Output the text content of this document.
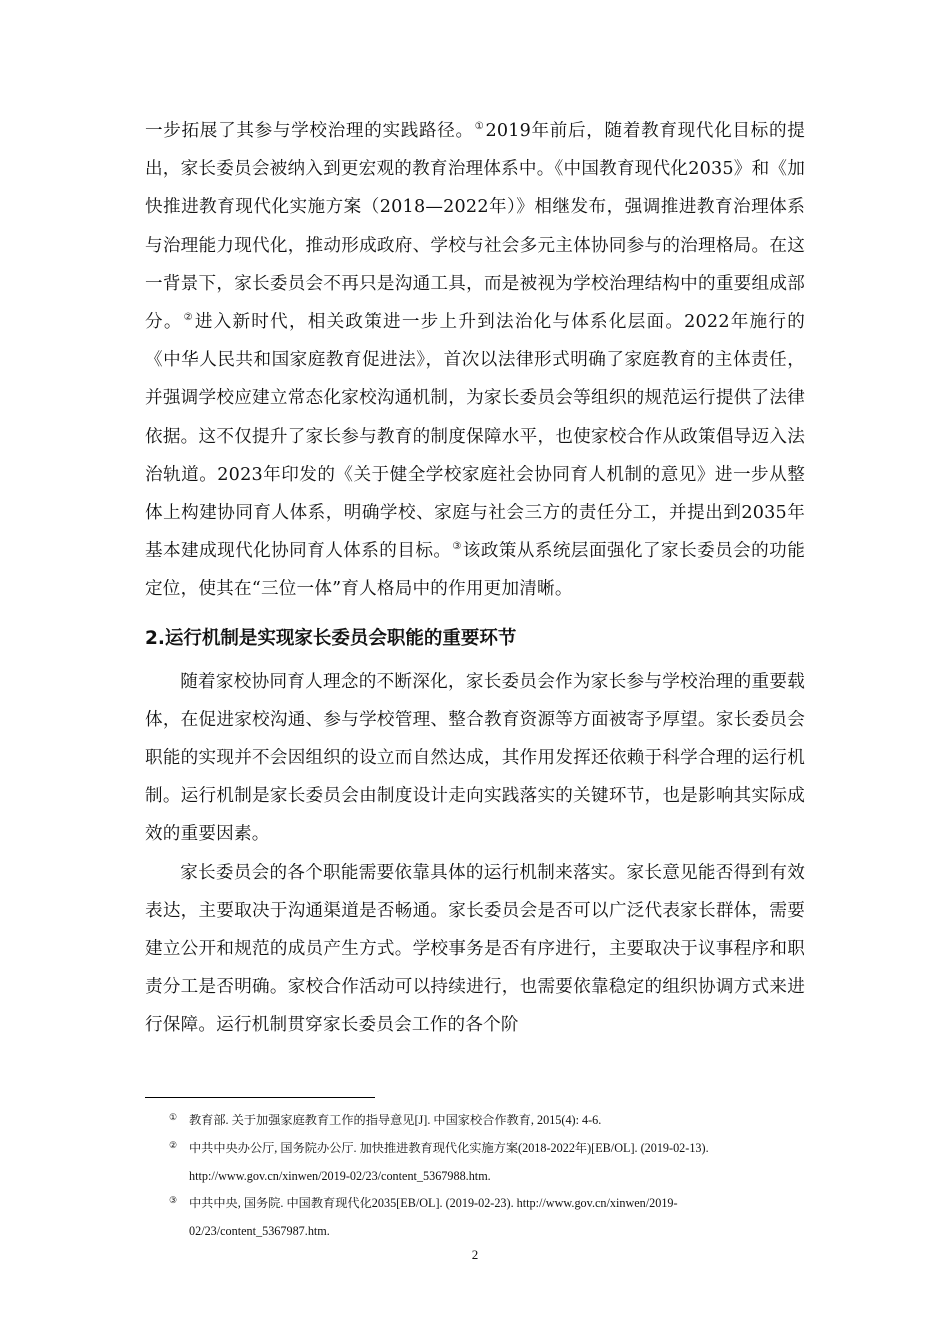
一步拓展了其参与学校治理的实践路径。①2019年前后，随着教育现代化目标的提出，家长委员会被纳入到更宏观的教育治理体系中。《中国教育现代化2035》和《加快推进教育现代化实施方案（2018—2022年）》相继发布，强调推进教育治理体系与治理能力现代化，推动形成政府、学校与社会多元主体协同参与的治理格局。在这一背景下，家长委员会不再只是沟通工具，而是被视为学校治理结构中的重要组成部分。②进入新时代，相关政策进一步上升到法治化与体系化层面。2022年施行的《中华人民共和国家庭教育促进法》，首次以法律形式明确了家庭教育的主体责任，并强调学校应建立常态化家校沟通机制，为家长委员会等组织的规范运行提供了法律依据。这不仅提升了家长参与教育的制度保障水平，也使家校合作从政策倡导迈入法治轨道。2023年印发的《关于健全学校家庭社会协同育人机制的意见》进一步从整体上构建协同育人体系，明确学校、家庭与社会三方的责任分工，并提出到2035年基本建成现代化协同育人体系的目标。③该政策从系统层面强化了家长委员会的功能定位，使其在“三位一体”育人格局中的作用更加清晰。

2.运行机制是实现家长委员会职能的重要环节

随着家校协同育人理念的不断深化，家长委员会作为家长参与学校治理的重要载体，在促进家校沟通、参与学校管理、整合教育资源等方面被寄予厚望。家长委员会职能的实现并不会因组织的设立而自然达成，其作用发挥还依赖于科学合理的运行机制。运行机制是家长委员会由制度设计走向实践落实的关键环节，也是影响其实际成效的重要因素。

家长委员会的各个职能需要依靠具体的运行机制来落实。家长意见能否得到有效表达，主要取决于沟通渠道是否畅通。家长委员会是否可以广泛代表家长群体，需要建立公开和规范的成员产生方式。学校事务是否有序进行，主要取决于议事程序和职责分工是否明确。家校合作活动可以持续进行，也需要依靠稳定的组织协调方式来进行保障。运行机制贯穿家长委员会工作的各个阶

① 教育部. 关于加强家庭教育工作的指导意见[J]. 中国家校合作教育, 2015(4): 4-6.
② 中共中央办公厅, 国务院办公厅. 加快推进教育现代化实施方案(2018-2022年)[EB/OL]. (2019-02-13). http://www.gov.cn/xinwen/2019-02/23/content_5367988.htm.
③ 中共中央, 国务院. 中国教育现代化2035[EB/OL]. (2019-02-23). http://www.gov.cn/xinwen/2019-02/23/content_5367987.htm.
2
